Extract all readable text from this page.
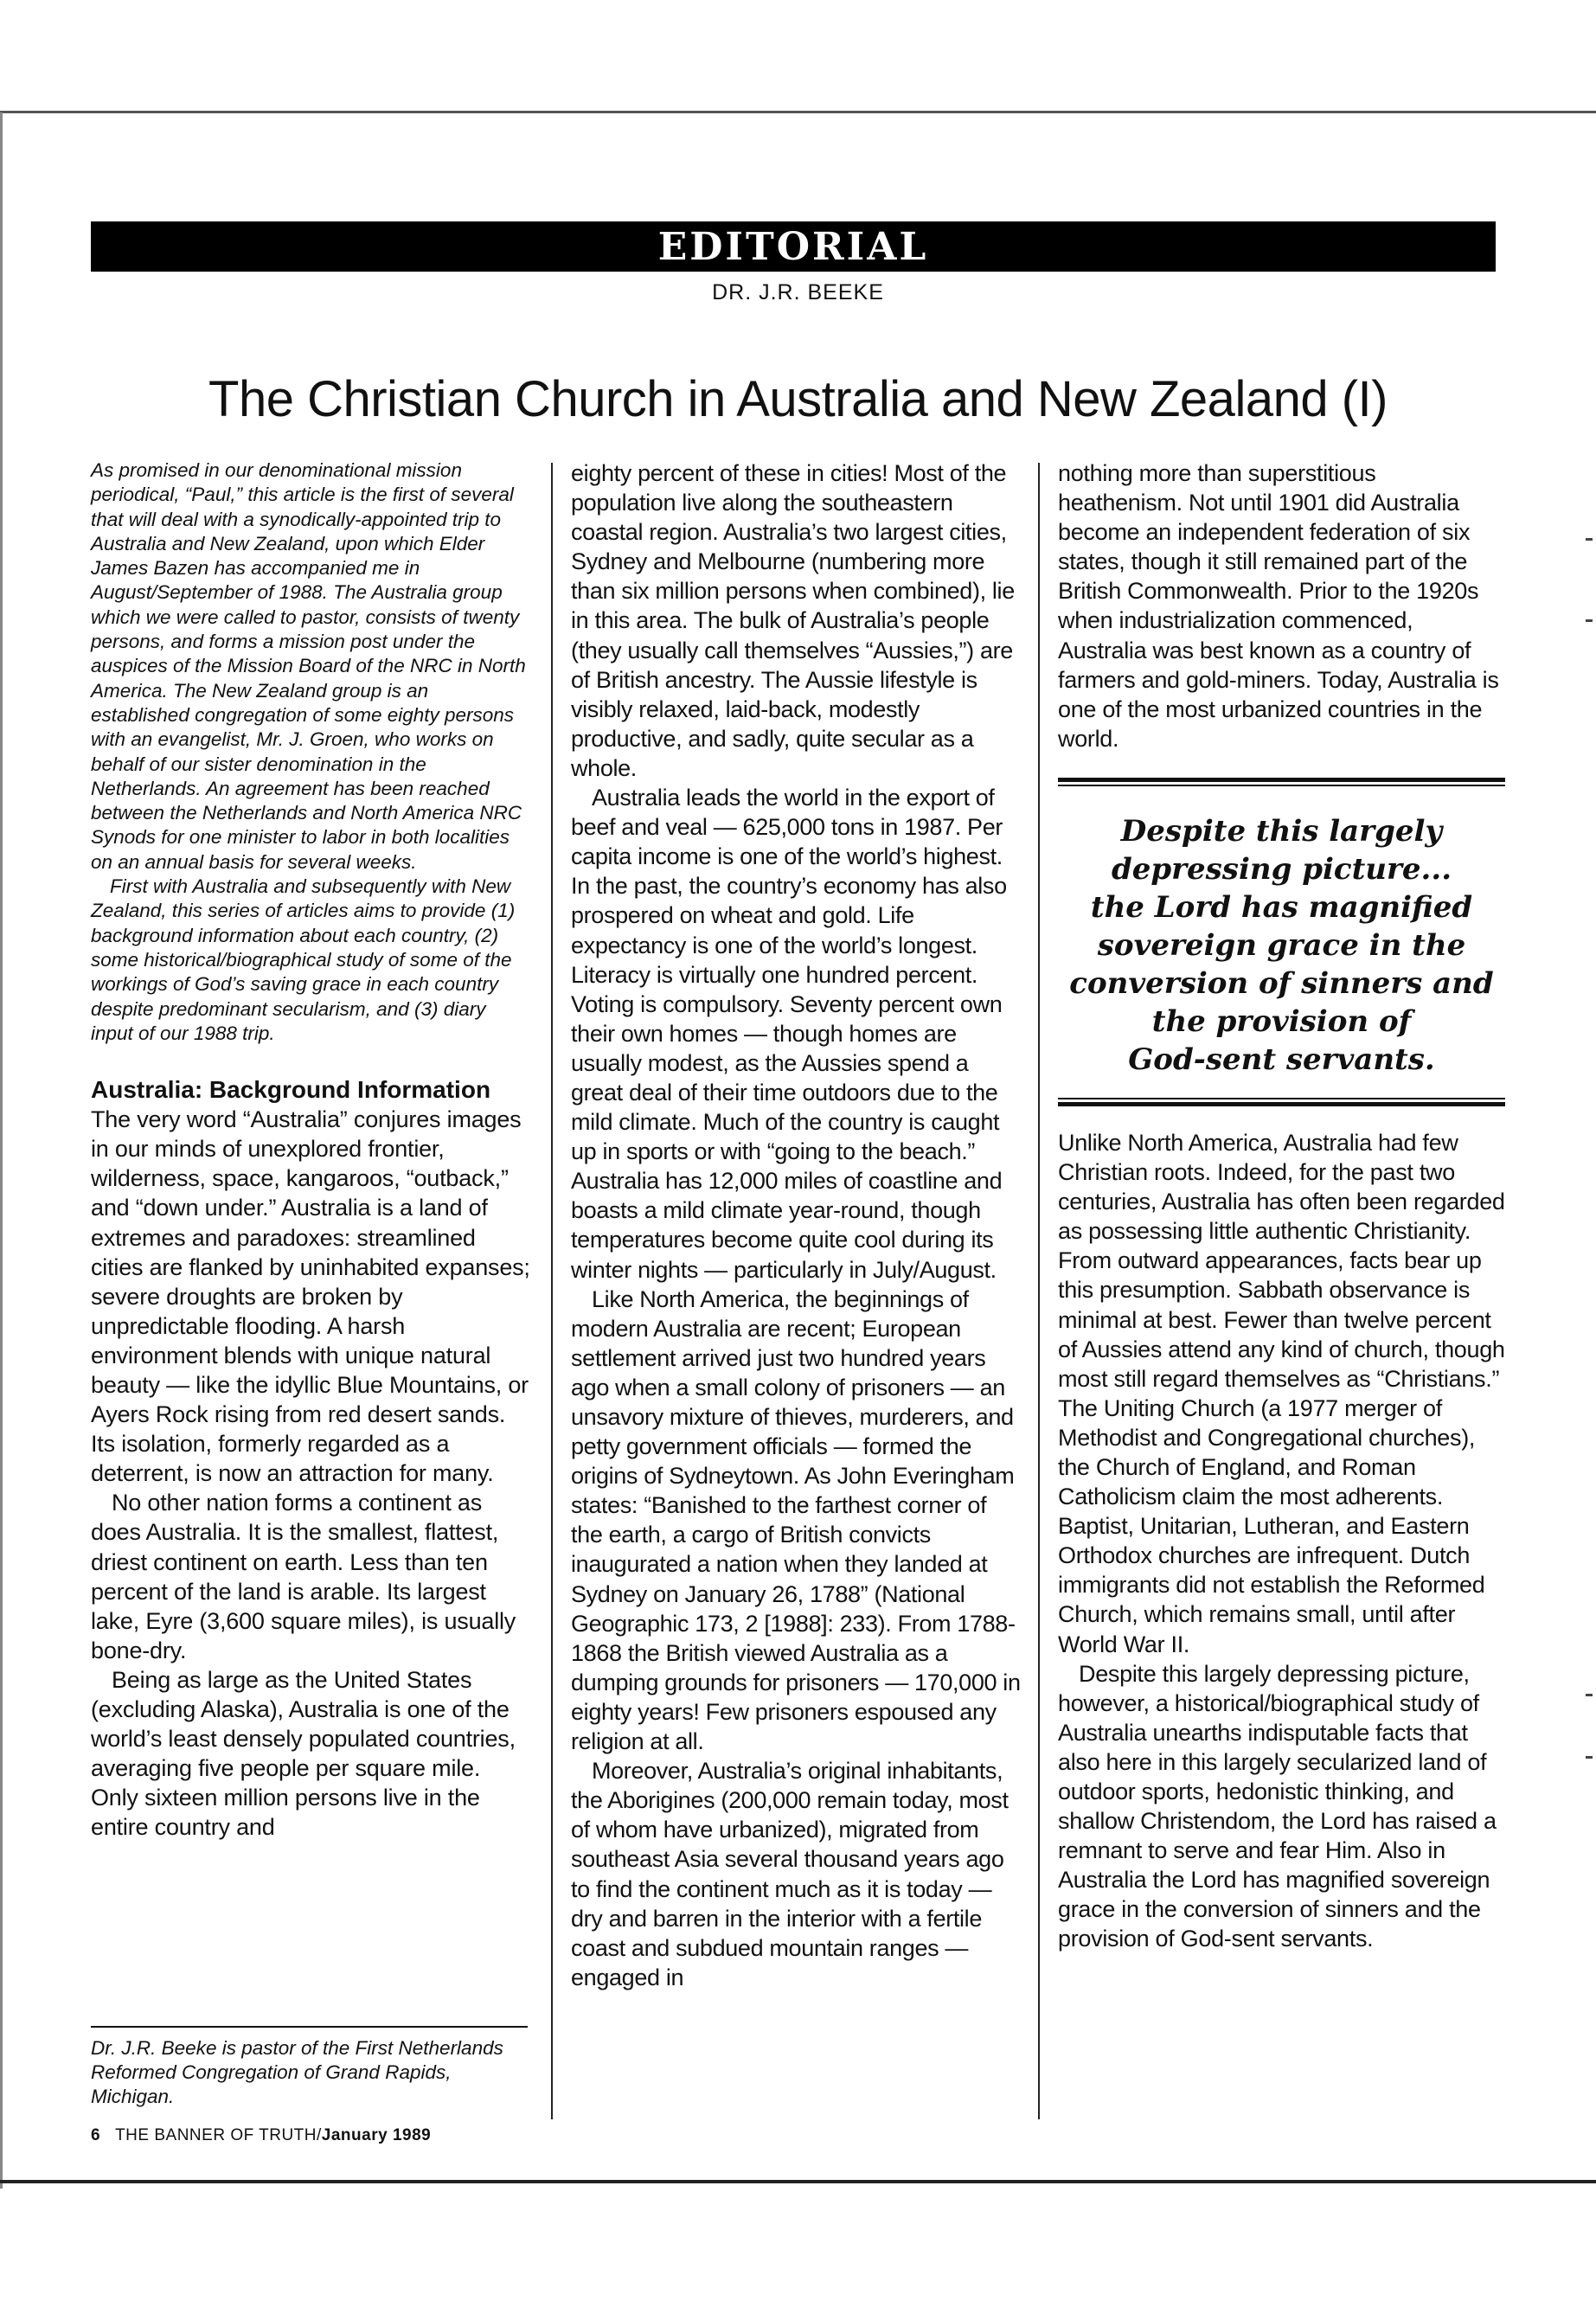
EDITORIAL
DR. J.R. BEEKE
The Christian Church in Australia and New Zealand (I)

As promised in our denominational mission periodical, “Paul,” this article is the first of several that will deal with a synodically-appointed trip to Australia and New Zealand, upon which Elder James Bazen has accompanied me in August/September of 1988. The Australia group which we were called to pastor, consists of twenty persons, and forms a mission post under the auspices of the Mission Board of the NRC in North America. The New Zealand group is an established congregation of some eighty persons with an evangelist, Mr. J. Groen, who works on behalf of our sister denomination in the Netherlands. An agreement has been reached between the Netherlands and North America NRC Synods for one minister to labor in both localities on an annual basis for several weeks.

First with Australia and subsequently with New Zealand, this series of articles aims to provide (1) background information about each country, (2) some historical/biographical study of some of the workings of God’s saving grace in each country despite predominant secularism, and (3) diary input of our 1988 trip.

Australia: Background Information

The very word “Australia” conjures images in our minds of unexplored frontier, wilderness, space, kangaroos, “outback,” and “down under.” Australia is a land of extremes and paradoxes: streamlined cities are flanked by uninhabited expanses; severe droughts are broken by unpredictable flooding. A harsh environment blends with unique natural beauty — like the idyllic Blue Mountains, or Ayers Rock rising from red desert sands. Its isolation, formerly regarded as a deterrent, is now an attraction for many.

No other nation forms a continent as does Australia. It is the smallest, flattest, driest continent on earth. Less than ten percent of the land is arable. Its largest lake, Eyre (3,600 square miles), is usually bone-dry.

Being as large as the United States (excluding Alaska), Australia is one of the world’s least densely populated countries, averaging five people per square mile. Only sixteen million persons live in the entire country and

Dr. J.R. Beeke is pastor of the First Netherlands Reformed Congregation of Grand Rapids, Michigan.

6 THE BANNER OF TRUTH/January 1989

eighty percent of these in cities! Most of the population live along the southeastern coastal region. Australia’s two largest cities, Sydney and Melbourne (numbering more than six million persons when combined), lie in this area. The bulk of Australia’s people (they usually call themselves “Aussies,”) are of British ancestry. The Aussie lifestyle is visibly relaxed, laid-back, modestly productive, and sadly, quite secular as a whole.

Australia leads the world in the export of beef and veal — 625,000 tons in 1987. Per capita income is one of the world’s highest. In the past, the country’s economy has also prospered on wheat and gold. Life expectancy is one of the world’s longest. Literacy is virtually one hundred percent. Voting is compulsory. Seventy percent own their own homes — though homes are usually modest, as the Aussies spend a great deal of their time outdoors due to the mild climate. Much of the country is caught up in sports or with “going to the beach.” Australia has 12,000 miles of coastline and boasts a mild climate year-round, though temperatures become quite cool during its winter nights — particularly in July/August.

Like North America, the beginnings of modern Australia are recent; European settlement arrived just two hundred years ago when a small colony of prisoners — an unsavory mixture of thieves, murderers, and petty government officials — formed the origins of Sydneytown. As John Everingham states: “Banished to the farthest corner of the earth, a cargo of British convicts inaugurated a nation when they landed at Sydney on January 26, 1788” (National Geographic 173, 2 [1988]: 233). From 1788-1868 the British viewed Australia as a dumping grounds for prisoners — 170,000 in eighty years! Few prisoners espoused any religion at all.

Moreover, Australia’s original inhabitants, the Aborigines (200,000 remain today, most of whom have urbanized), migrated from southeast Asia several thousand years ago to find the continent much as it is today — dry and barren in the interior with a fertile coast and subdued mountain ranges — engaged in

nothing more than superstitious heathenism. Not until 1901 did Australia become an independent federation of six states, though it still remained part of the British Commonwealth. Prior to the 1920s when industrialization commenced, Australia was best known as a country of farmers and gold-miners. Today, Australia is one of the most urbanized countries in the world.

Despite this largely
depressing picture...
the Lord has magnified
sovereign grace in the
conversion of sinners and
the provision of
God-sent servants.

Unlike North America, Australia had few Christian roots. Indeed, for the past two centuries, Australia has often been regarded as possessing little authentic Christianity. From outward appearances, facts bear up this presumption. Sabbath observance is minimal at best. Fewer than twelve percent of Aussies attend any kind of church, though most still regard themselves as “Christians.” The Uniting Church (a 1977 merger of Methodist and Congregational churches), the Church of England, and Roman Catholicism claim the most adherents. Baptist, Unitarian, Lutheran, and Eastern Orthodox churches are infrequent. Dutch immigrants did not establish the Reformed Church, which remains small, until after World War II.

Despite this largely depressing picture, however, a historical/biographical study of Australia unearths indisputable facts that also here in this largely secularized land of outdoor sports, hedonistic thinking, and shallow Christendom, the Lord has raised a remnant to serve and fear Him. Also in Australia the Lord has magnified sovereign grace in the conversion of sinners and the provision of God-sent servants.
